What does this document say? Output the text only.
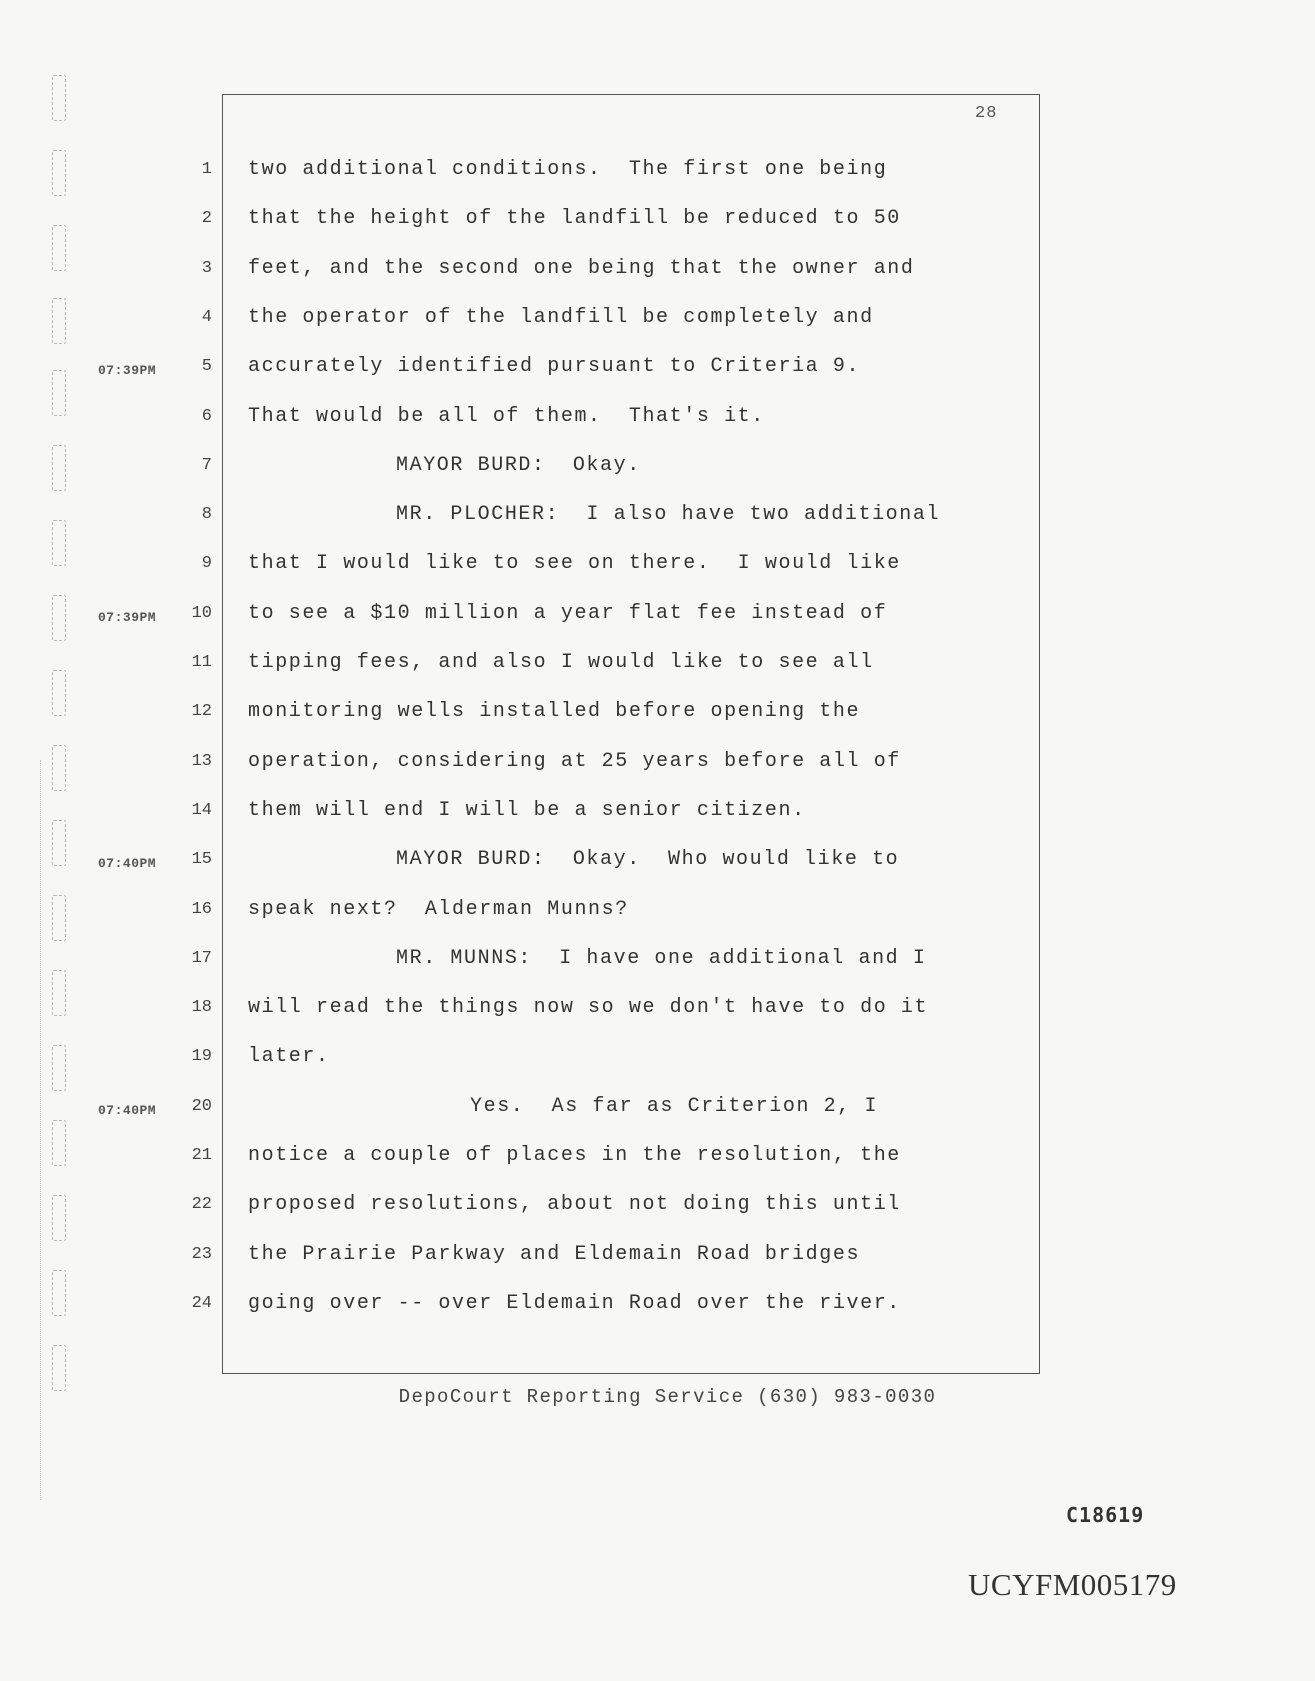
28
1 two additional conditions.  The first one being
2 that the height of the landfill be reduced to 50
3 feet, and the second one being that the owner and
4 the operator of the landfill be completely and
07:39PM	5 accurately identified pursuant to Criteria 9.
6 That would be all of them.  That's it.
7	MAYOR BURD:  Okay.
8	MR. PLOCHER:  I also have two additional
9 that I would like to see on there.  I would like
07:39PM	10 to see a $10 million a year flat fee instead of
11 tipping fees, and also I would like to see all
12 monitoring wells installed before opening the
13 operation, considering at 25 years before all of
14 them will end I will be a senior citizen.
07:40PM	15	MAYOR BURD:  Okay.  Who would like to
16 speak next?  Alderman Munns?
17	MR. MUNNS:  I have one additional and I
18 will read the things now so we don't have to do it
19 later.
07:40PM	20	Yes.  As far as Criterion 2, I
21 notice a couple of places in the resolution, the
22 proposed resolutions, about not doing this until
23 the Prairie Parkway and Eldemain Road bridges
24 going over -- over Eldemain Road over the river.
DepoCourt Reporting Service (630) 983-0030
C18619
UCYFM005179
